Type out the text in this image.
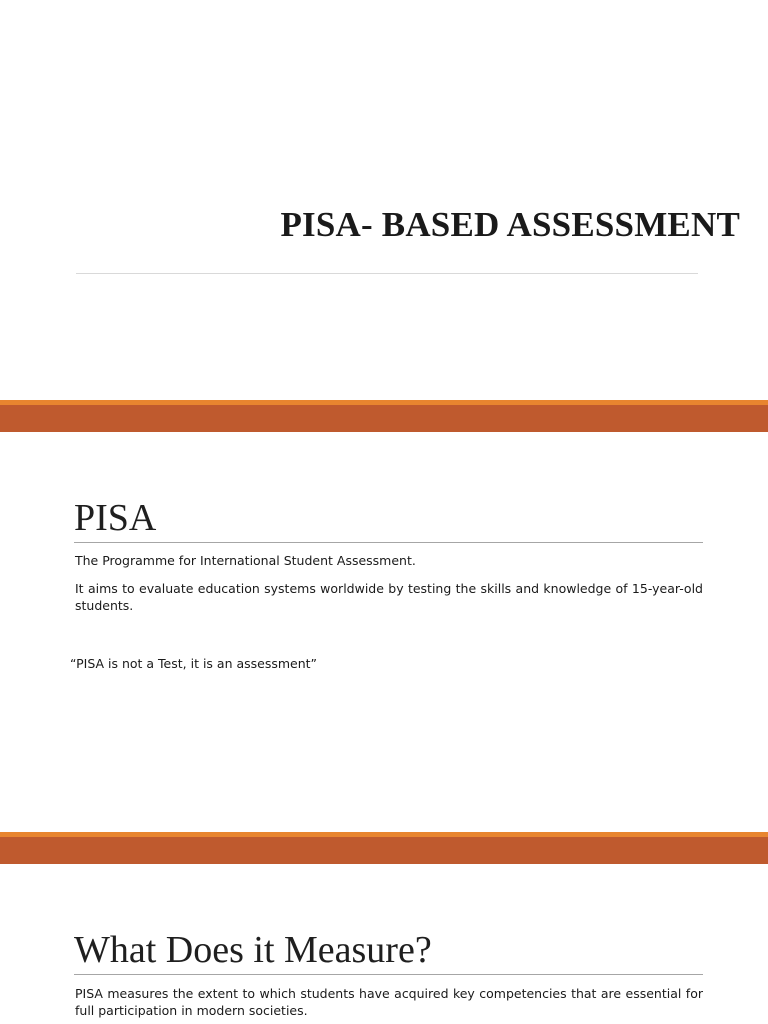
PISA- BASED ASSESSMENT
PISA

The Programme for International Student Assessment.

It aims to evaluate education systems worldwide by testing the skills and knowledge of 15-year-old students.

“PISA is not a Test, it is an assessment”

What Does it Measure?

PISA measures the extent to which students have acquired key competencies that are essential for full participation in modern societies.
